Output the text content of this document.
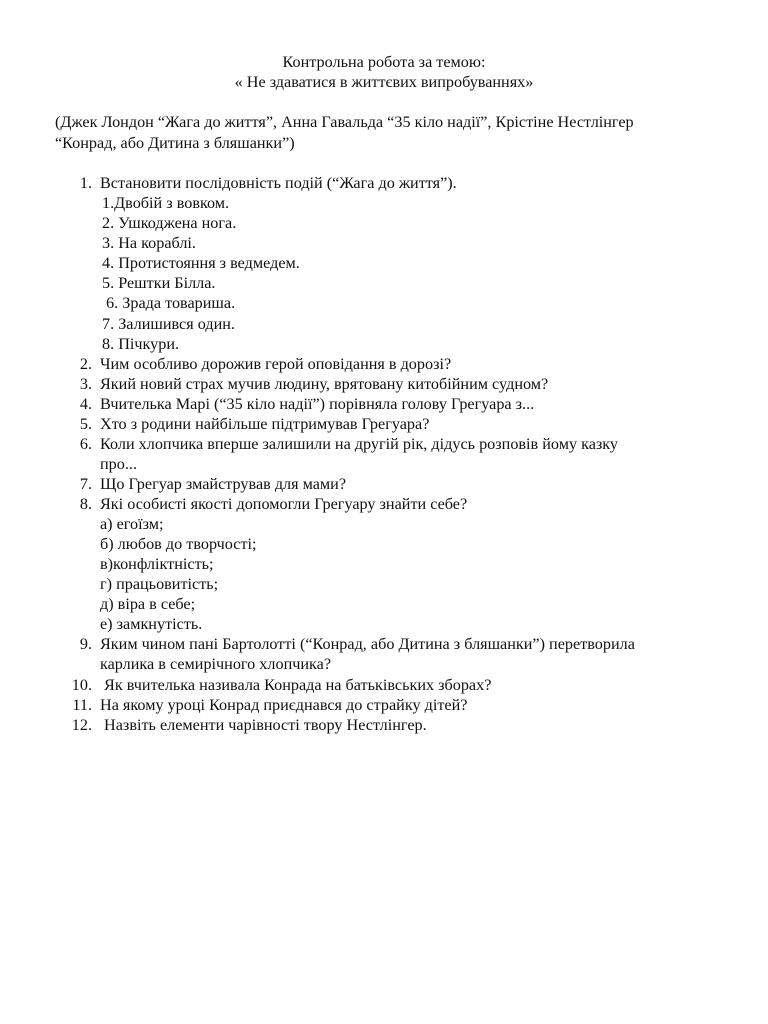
Контрольна робота за темою:
« Не здаватися в життєвих випробуваннях»
(Джек Лондон “Жага до життя”, Анна Гавальда “35 кіло надії”, Крістіне Нестлінгер
“Конрад, або Дитина з бляшанки”)
1. Встановити послідовність подій (“Жага до життя”).
1.Двобій з вовком.
2. Ушкоджена нога.
3. На кораблі.
4. Протистояння з ведмедем.
5. Рештки Білла.
6. Зрада товариша.
7. Залишився один.
8. Пічкури.
2. Чим особливо дорожив герой оповідання в дорозі?
3. Який новий страх мучив людину, врятовану китобійним судном?
4. Вчителька Марі (“35 кіло надії”) порівняла голову Грегуара з...
5. Хто з родини найбільше підтримував Грегуара?
6. Коли хлопчика вперше залишили на другій рік, дідусь розповів йому казку
про...
7. Що Грегуар змайстрував для мами?
8. Які особисті якості допомогли Грегуару знайти себе?
а) егоїзм;
б) любов до творчості;
в)конфліктність;
г) працьовитість;
д) віра в себе;
е) замкнутість.
9. Яким чином пані Бартолотті (“Конрад, або Дитина з бляшанки”) перетворила
карлика в семирічного хлопчика?
10. Як вчителька називала Конрада на батьківських зборах?
11. На якому уроці Конрад приєднався до страйку дітей?
12. Назвіть елементи чарівності твору Нестлінгер.
